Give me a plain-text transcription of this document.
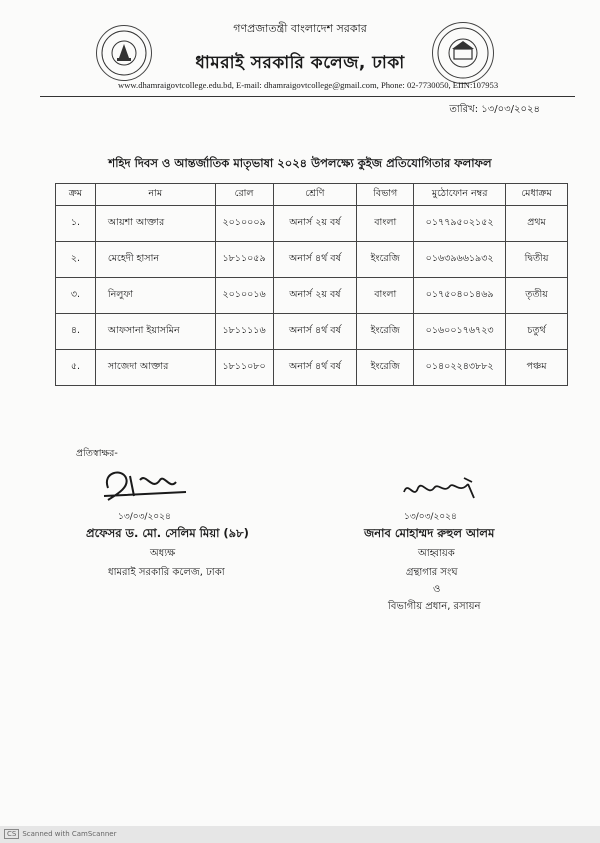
গণপ্রজাতন্ত্রী বাংলাদেশ সরকার
ধামরাই সরকারি কলেজ, ঢাকা
www.dhamraigovtcollege.edu.bd, E-mail: dhamraigovtcollege@gmail.com, Phone: 02-7730050, EIIN:107953
তারিখ: ১৩/০৩/২০২৪
শহিদ দিবস ও আন্তর্জাতিক মাতৃভাষা ২০২৪ উপলক্ষ্যে কুইজ প্রতিযোগিতার ফলাফল
ক্রম	নাম	রোল	শ্রেণি	বিভাগ	মুঠোফোন নম্বর	মেধাক্রম
১.	আয়শা আক্তার	২০১০০০৯	অনার্স ২য় বর্ষ	বাংলা	০১৭৭৯৫০২১৫২	প্রথম
২.	মেহেদী হাসান	১৮১১০৫৯	অনার্স ৪র্থ বর্ষ	ইংরেজি	০১৬৩৯৬৬১৯৩২	দ্বিতীয়
৩.	নিলুফা	২০১০০১৬	অনার্স ২য় বর্ষ	বাংলা	০১৭৫০৪০১৪৬৯	তৃতীয়
৪.	আফসানা ইয়াসমিন	১৮১১১১৬	অনার্স ৪র্থ বর্ষ	ইংরেজি	০১৬০০১৭৬৭২৩	চতুর্থ
৫.	সাজেদা আক্তার	১৮১১০৮০	অনার্স ৪র্থ বর্ষ	ইংরেজি	০১৪০২২৪৩৮৮২	পঞ্চম
প্রতিস্বাক্ষর-
১৩/০৩/২০২৪
প্রফেসর ড. মো. সেলিম মিয়া (৯৮)
অধ্যক্ষ
ধামরাই সরকারি কলেজ, ঢাকা
১৩/০৩/২০২৪
জনাব মোহাম্মদ রুহুল আলম
আহ্বায়ক
গ্রন্থাগার সংঘ
ও
বিভাগীয় প্রধান, রসায়ন
CS Scanned with CamScanner
